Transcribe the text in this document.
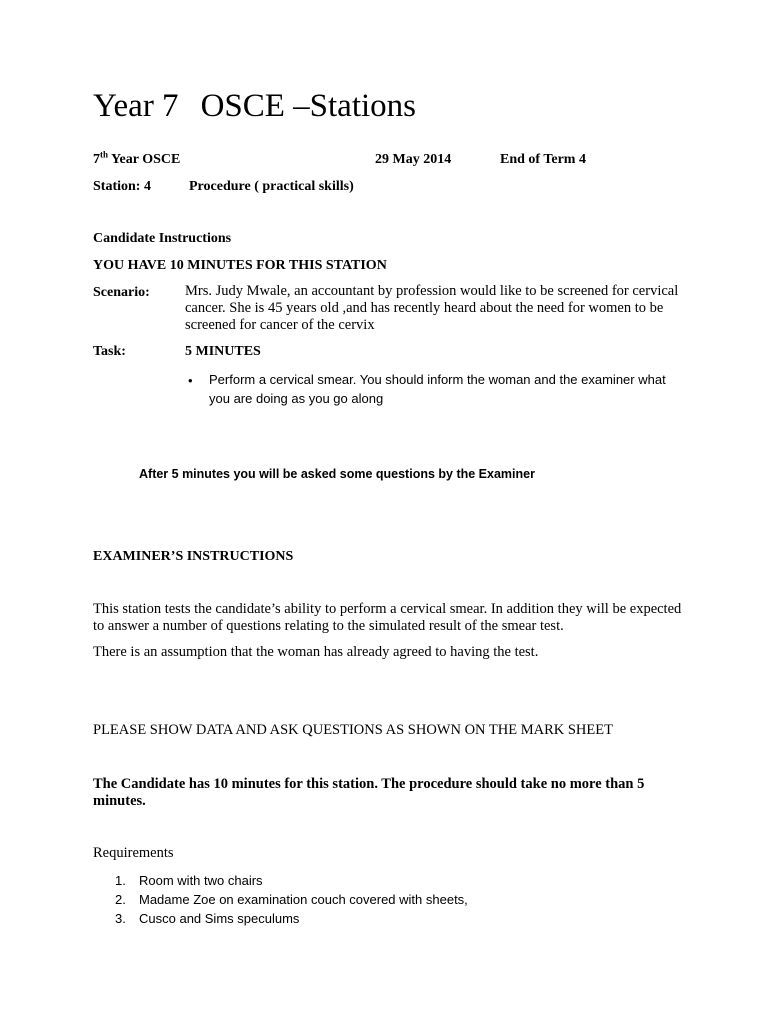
Year 7 OSCE –Stations
7th Year OSCE	29 May 2014	End of Term 4
Station: 4	Procedure ( practical skills)
Candidate Instructions
YOU HAVE 10 MINUTES FOR THIS STATION
Scenario: Mrs. Judy Mwale, an accountant by profession would like to be screened for cervical cancer. She is 45 years old ,and has recently heard about the need for women to be screened for cancer of the cervix
Task:	5 MINUTES
• Perform a cervical smear. You should inform the woman and the examiner what you are doing as you go along
After 5 minutes you will be asked some questions by the Examiner
EXAMINER’S INSTRUCTIONS
This station tests the candidate’s ability to perform a cervical smear. In addition they will be expected to answer a number of questions relating to the simulated result of the smear test.
There is an assumption that the woman has already agreed to having the test.
PLEASE SHOW DATA AND ASK QUESTIONS AS SHOWN ON THE MARK SHEET
The Candidate has 10 minutes for this station. The procedure should take no more than 5 minutes.
Requirements
1.	Room with two chairs
2.	Madame Zoe on examination couch covered with sheets,
3.	Cusco and Sims speculums
